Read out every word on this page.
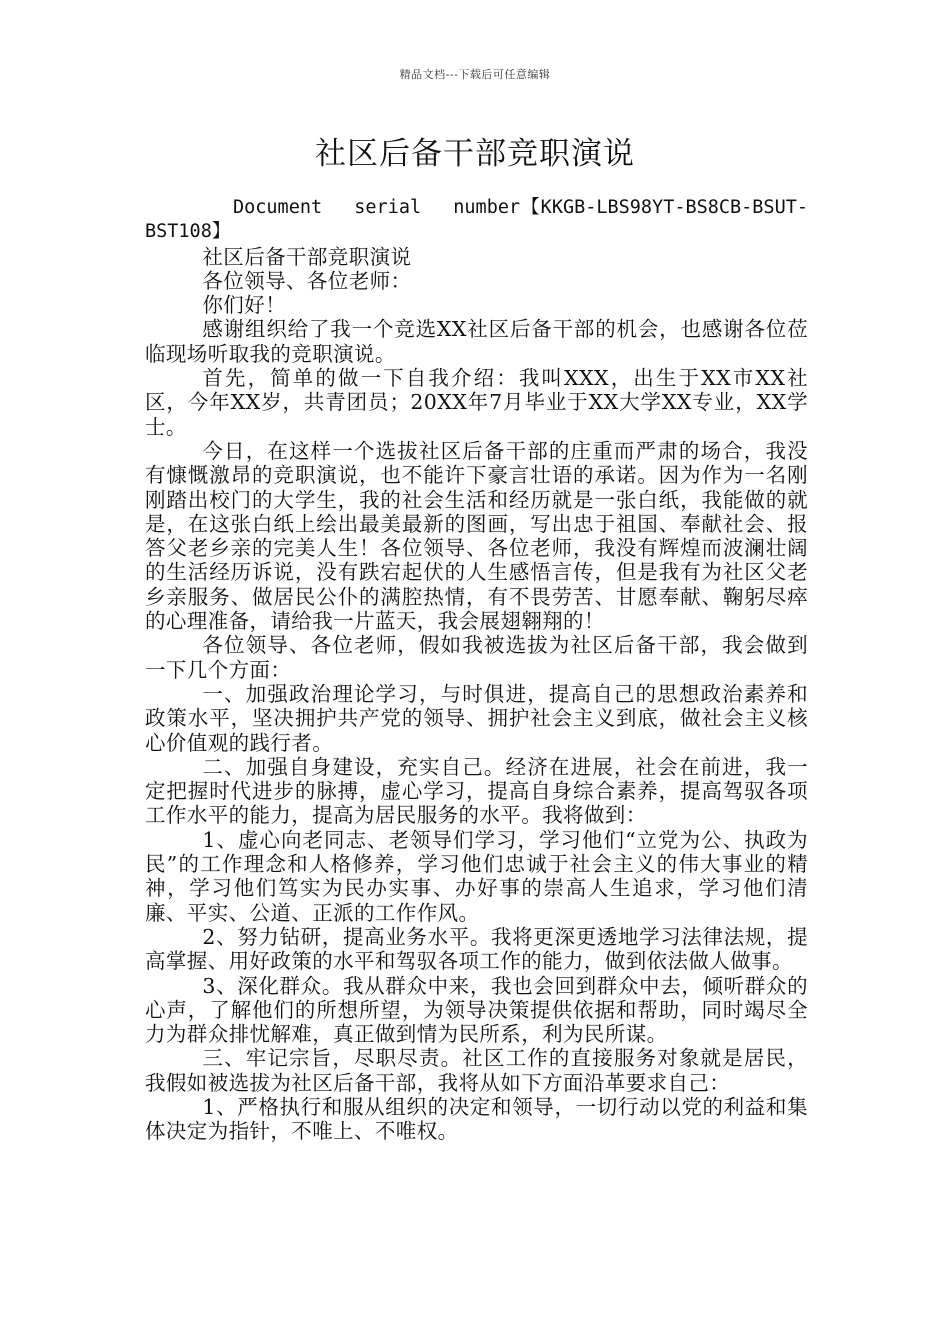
精品文档---下载后可任意编辑
社区后备干部竞职演说

Document serial number【KKGB-LBS98YT-BS8CB-BSUT-BST108】

社区后备干部竞职演说

各位领导、各位老师：

你们好！

感谢组织给了我一个竞选XX社区后备干部的机会，也感谢各位莅临现场听取我的竞职演说。

首先，简单的做一下自我介绍：我叫XXX，出生于XX市XX社区，今年XX岁，共青团员；20XX年7月毕业于XX大学XX专业，XX学士。

今日，在这样一个选拔社区后备干部的庄重而严肃的场合，我没有慷慨激昂的竞职演说，也不能许下豪言壮语的承诺。因为作为一名刚刚踏出校门的大学生，我的社会生活和经历就是一张白纸，我能做的就是，在这张白纸上绘出最美最新的图画，写出忠于祖国、奉献社会、报答父老乡亲的完美人生！各位领导、各位老师，我没有辉煌而波澜壮阔的生活经历诉说，没有跌宕起伏的人生感悟言传，但是我有为社区父老乡亲服务、做居民公仆的满腔热情，有不畏劳苦、甘愿奉献、鞠躬尽瘁的心理准备，请给我一片蓝天，我会展翅翱翔的！

各位领导、各位老师，假如我被选拔为社区后备干部，我会做到一下几个方面：

一、加强政治理论学习，与时俱进，提高自己的思想政治素养和政策水平，坚决拥护共产党的领导、拥护社会主义到底，做社会主义核心价值观的践行者。

二、加强自身建设，充实自己。经济在进展，社会在前进，我一定把握时代进步的脉搏，虚心学习，提高自身综合素养，提高驾驭各项工作水平的能力，提高为居民服务的水平。我将做到：

1、虚心向老同志、老领导们学习，学习他们“立党为公、执政为民”的工作理念和人格修养，学习他们忠诚于社会主义的伟大事业的精神，学习他们笃实为民办实事、办好事的崇高人生追求，学习他们清廉、平实、公道、正派的工作作风。

2、努力钻研，提高业务水平。我将更深更透地学习法律法规，提高掌握、用好政策的水平和驾驭各项工作的能力，做到依法做人做事。

3、深化群众。我从群众中来，我也会回到群众中去，倾听群众的心声，了解他们的所想所望，为领导决策提供依据和帮助，同时竭尽全力为群众排忧解难，真正做到情为民所系，利为民所谋。

三、牢记宗旨，尽职尽责。社区工作的直接服务对象就是居民，我假如被选拔为社区后备干部，我将从如下方面沿革要求自己：

1、严格执行和服从组织的决定和领导，一切行动以党的利益和集体决定为指针，不唯上、不唯权。
